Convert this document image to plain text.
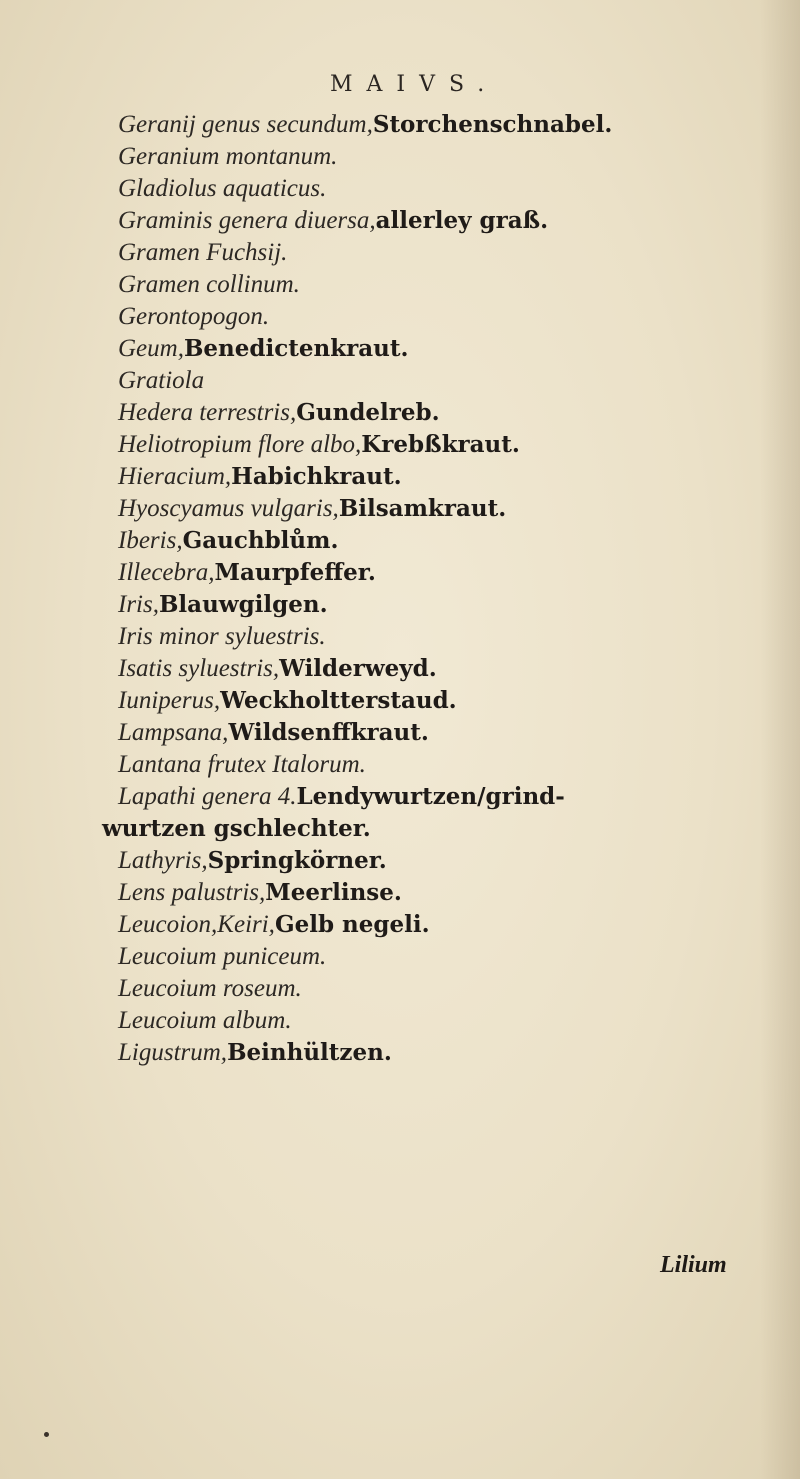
MAIVS.
Geranij genus secundum,Storchenschnabel.
Geranium montanum.
Gladiolus aquaticus.
Graminis genera diuersa,allerley graß.
Gramen Fuchsij.
Gramen collinum.
Gerontopogon.
Geum,Benedictenkraut.
Gratiola
Hedera terrestris,Gundelreb.
Heliotropium flore albo,Krebßkraut.
Hieracium,Habichkraut.
Hyoscyamus vulgaris,Bilsamkraut.
Iberis,Gauchblům.
Illecebra,Maurpfeffer.
Iris,Blauwgilgen.
Iris minor syluestris.
Isatis syluestris,Wilderweyd.
Iuniperus,Weckholtterstaud.
Lampsana,Wildsenffkraut.
Lantana frutex Italorum.
Lapathi genera 4.Lendywurtzen/grind-
wurtzen gschlechter.
Lathyris,Springkörner.
Lens palustris,Meerlinse.
Leucoion,Keiri,Gelb negeli.
Leucoium puniceum.
Leucoium roseum.
Leucoium album.
Ligustrum,Beinhültzen.
Lilium
